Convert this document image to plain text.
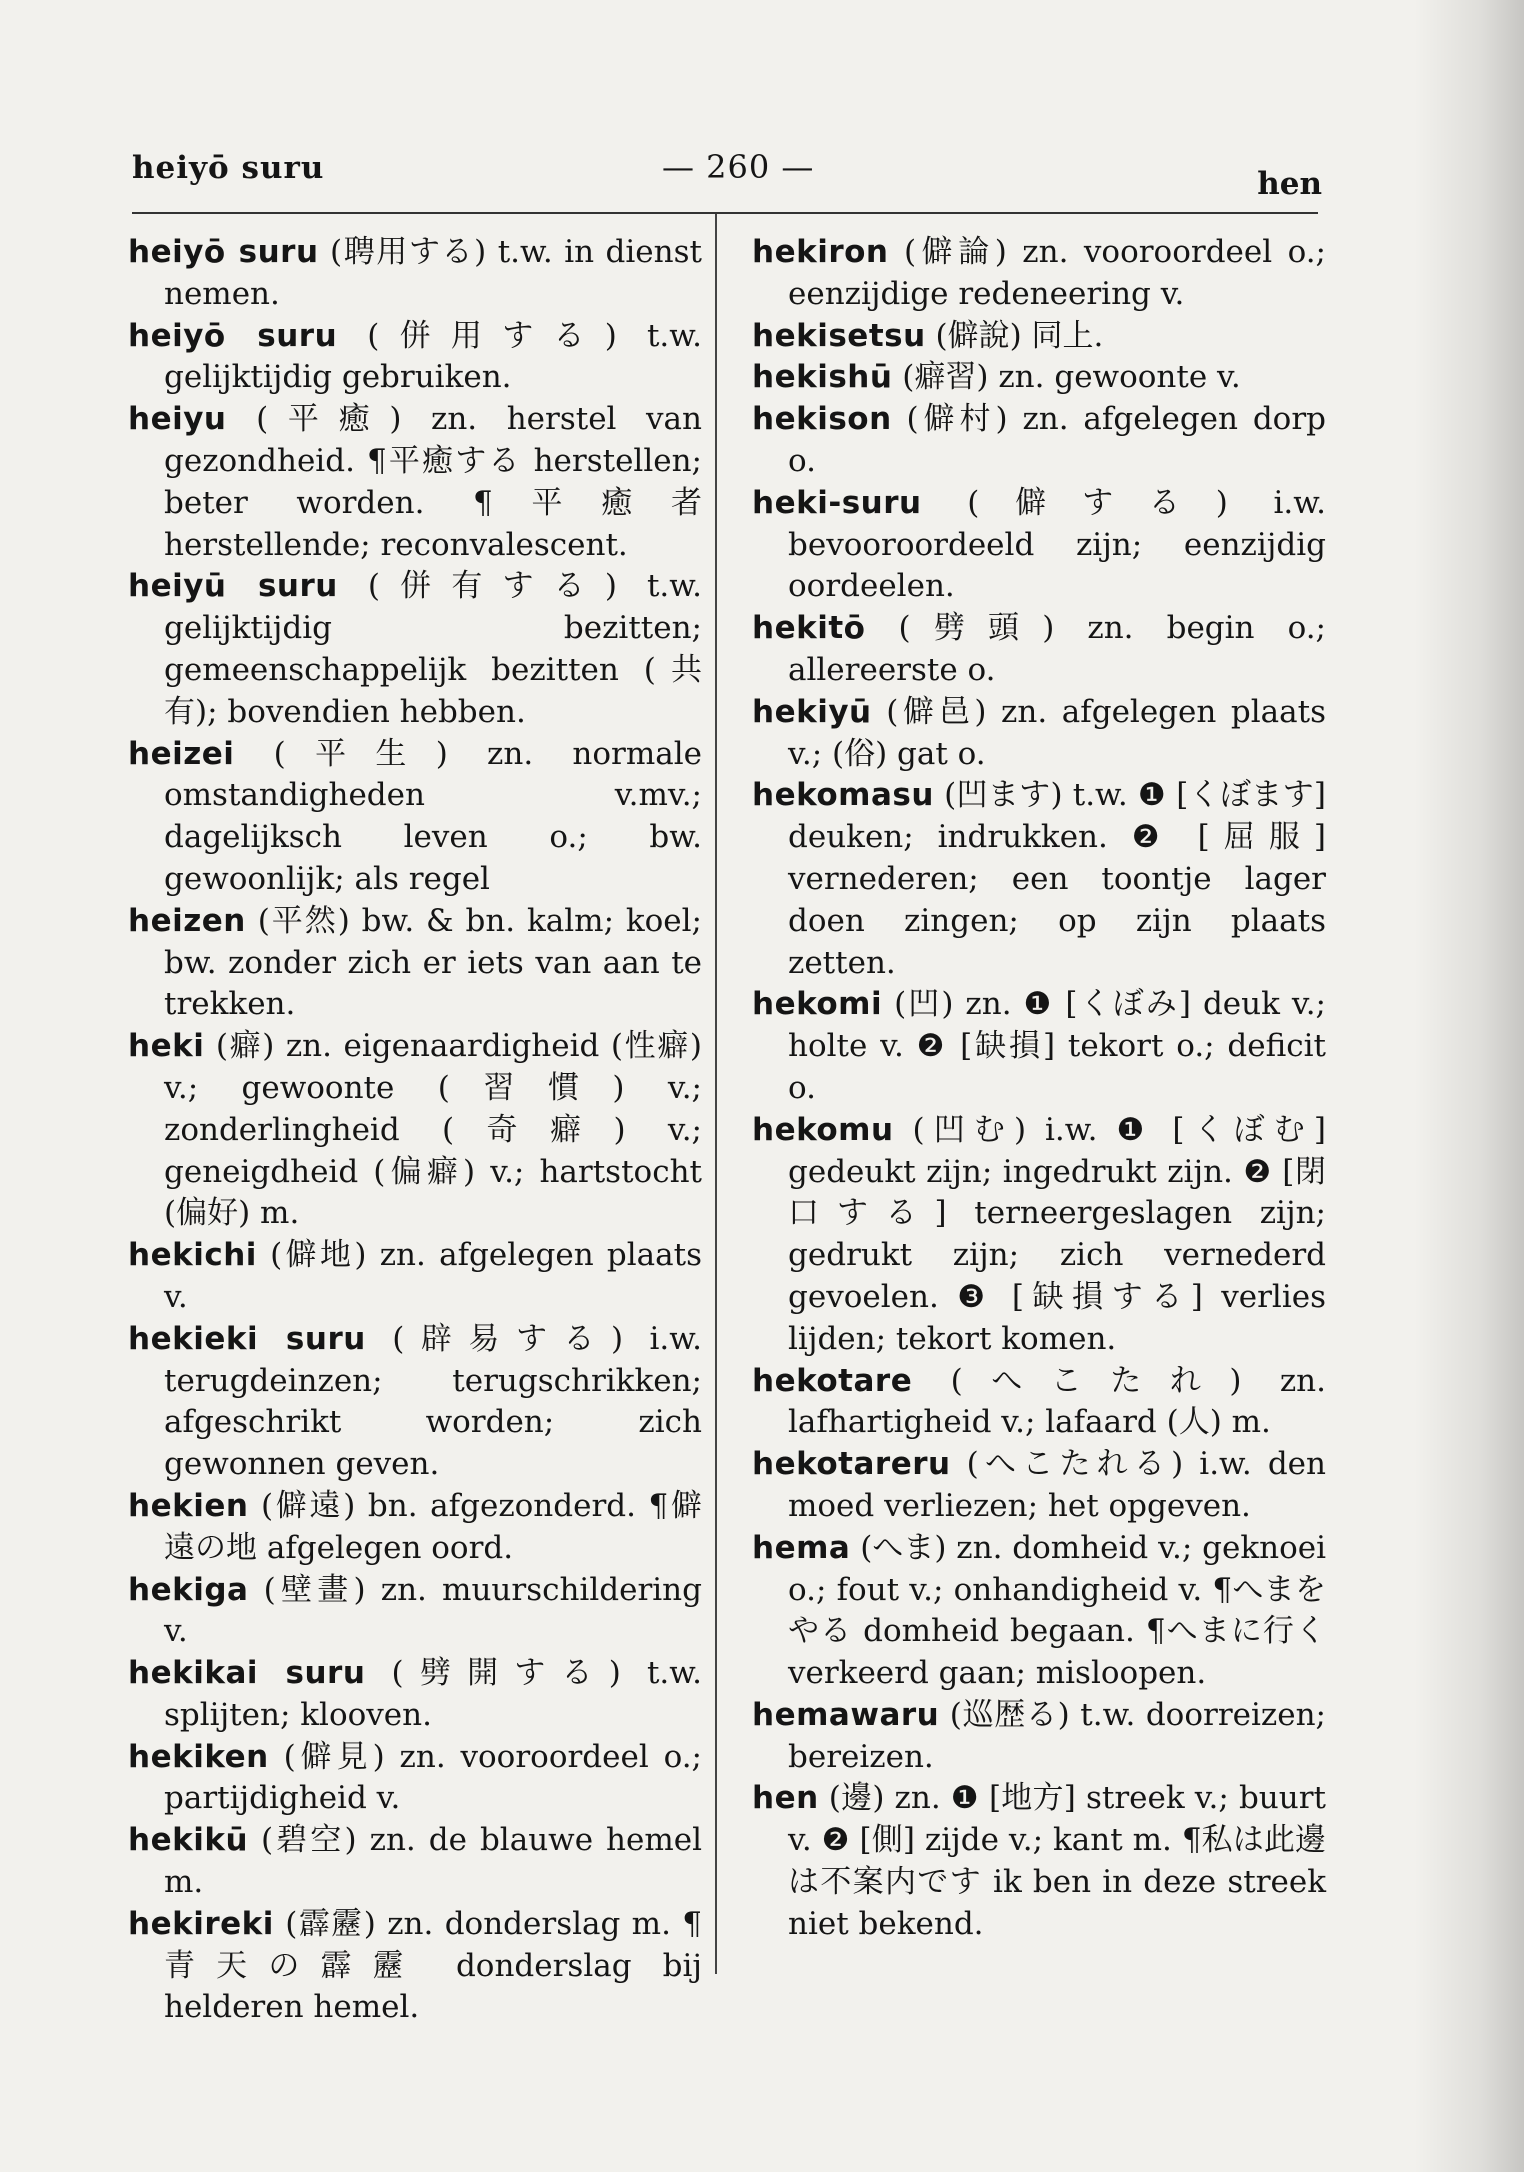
heiyō suru	— 260 —	hen

heiyō suru (聘用する) t.w. in dienst nemen.

heiyō suru (併用する) t.w. gelijktijdig gebruiken.

heiyu (平癒) zn. herstel van gezondheid. ¶平癒する herstellen; beter worden. ¶平癒者 herstellende; reconvalescent.

heiyū suru (併有する) t.w. gelijktijdig bezitten; gemeenschappelijk bezitten (共有); bovendien hebben.

heizei (平生) zn. normale omstandigheden v.mv.; dagelijksch leven o.; bw. gewoonlijk; als regel

heizen (平然) bw. & bn. kalm; koel; bw. zonder zich er iets van aan te trekken.

heki (癖) zn. eigenaardigheid (性癖) v.; gewoonte (習慣) v.; zonderlingheid (奇癖) v.; geneigdheid (偏癖) v.; hartstocht (偏好) m.

hekichi (僻地) zn. afgelegen plaats v.

hekieki suru (辟易する) i.w. terugdeinzen; terugschrikken; afgeschrikt worden; zich gewonnen geven.

hekien (僻遠) bn. afgezonderd. ¶僻遠の地 afgelegen oord.

hekiga (壁畫) zn. muurschildering v.

hekikai suru (劈開する) t.w. splijten; klooven.

hekiken (僻見) zn. vooroordeel o.; partijdigheid v.

hekikū (碧空) zn. de blauwe hemel m.

hekireki (霹靂) zn. donderslag m. ¶青天の霹靂 donderslag bij helderen hemel.

hekiron (僻論) zn. vooroordeel o.; eenzijdige redeneering v.

hekisetsu (僻說) 同上.

hekishū (癖習) zn. gewoonte v.

hekison (僻村) zn. afgelegen dorp o.

heki-suru (僻する) i.w. bevooroordeeld zijn; eenzijdig oordeelen.

hekitō (劈頭) zn. begin o.; allereerste o.

hekiyū (僻邑) zn. afgelegen plaats v.; (俗) gat o.

hekomasu (凹ます) t.w. ❶ [くぼます] deuken; indrukken. ❷ [屈服] vernederen; een toontje lager doen zingen; op zijn plaats zetten.

hekomi (凹) zn. ❶ [くぼみ] deuk v.; holte v. ❷ [缺損] tekort o.; deficit o.

hekomu (凹む) i.w. ❶ [くぼむ] gedeukt zijn; ingedrukt zijn. ❷ [閉口する] terneergeslagen zijn; gedrukt zijn; zich vernederd gevoelen. ❸ [缺損する] verlies lijden; tekort komen.

hekotare (へこたれ) zn. lafhartigheid v.; lafaard (人) m.

hekotareru (へこたれる) i.w. den moed verliezen; het opgeven.

hema (へま) zn. domheid v.; geknoei o.; fout v.; onhandigheid v. ¶へまをやる domheid begaan. ¶へまに行く verkeerd gaan; misloopen.

hemawaru (巡歴る) t.w. doorreizen; bereizen.

hen (邊) zn. ❶ [地方] streek v.; buurt v. ❷ [側] zijde v.; kant m. ¶私は此邊は不案内です ik ben in deze streek niet bekend.
